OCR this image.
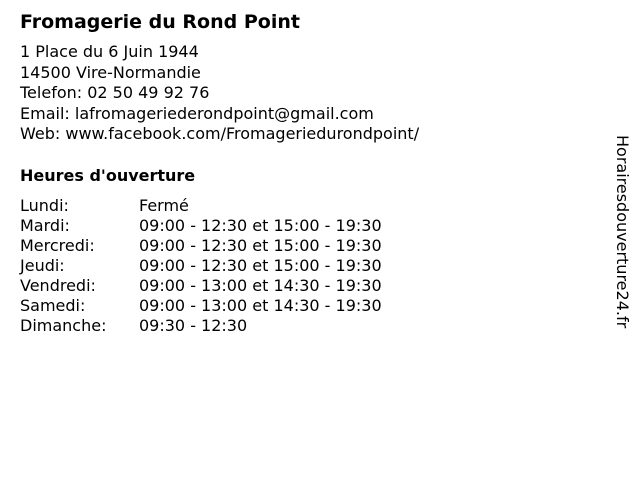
Fromagerie du Rond Point
1 Place du 6 Juin 1944
14500 Vire-Normandie
Telefon: 02 50 49 92 76
Email: lafromageriederondpoint@gmail.com
Web: www.facebook.com/Fromageriedurondpoint/
Heures d'ouverture
Lundi:	Fermé
Mardi:	09:00 - 12:30 et 15:00 - 19:30
Mercredi:	09:00 - 12:30 et 15:00 - 19:30
Jeudi:	09:00 - 12:30 et 15:00 - 19:30
Vendredi:	09:00 - 13:00 et 14:30 - 19:30
Samedi:	09:00 - 13:00 et 14:30 - 19:30
Dimanche:	09:30 - 12:30	Horairesdouverture24.fr
